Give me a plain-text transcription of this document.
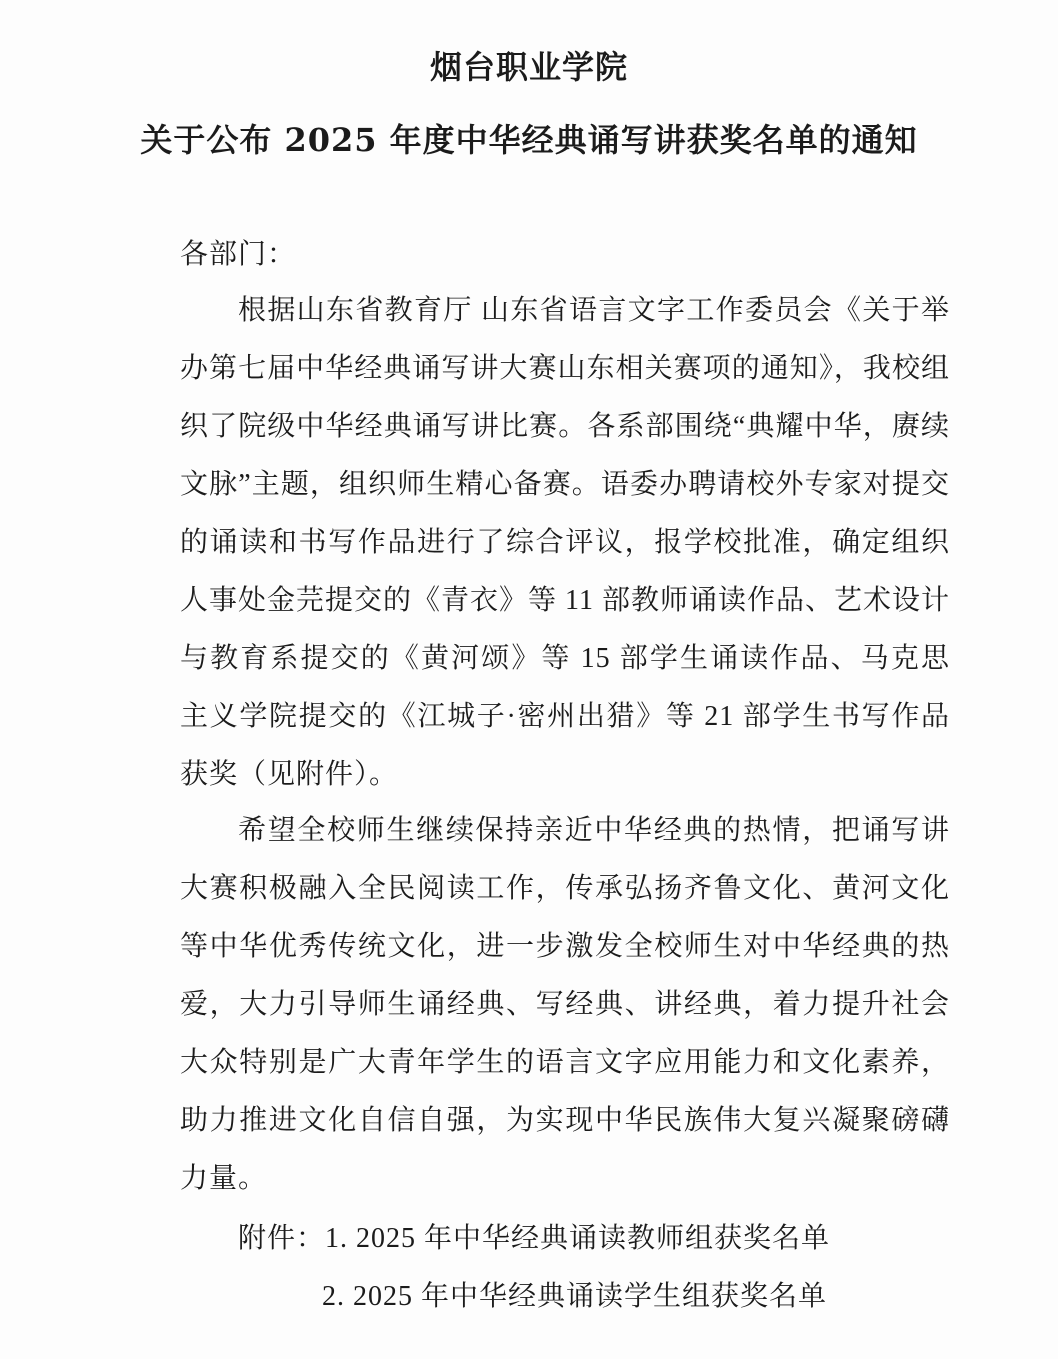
烟台职业学院
关于公布 2025 年度中华经典诵写讲获奖名单的通知
各部门：
根据山东省教育厅 山东省语言文字工作委员会《关于举办第七届中华经典诵写讲大赛山东相关赛项的通知》，我校组织了院级中华经典诵写讲比赛。各系部围绕“典耀中华，赓续文脉”主题，组织师生精心备赛。语委办聘请校外专家对提交的诵读和书写作品进行了综合评议，报学校批准，确定组织人事处金芫提交的《青衣》等 11 部教师诵读作品、艺术设计与教育系提交的《黄河颂》等 15 部学生诵读作品、马克思主义学院提交的《江城子·密州出猎》等 21 部学生书写作品获奖（见附件）。
希望全校师生继续保持亲近中华经典的热情，把诵写讲大赛积极融入全民阅读工作，传承弘扬齐鲁文化、黄河文化等中华优秀传统文化，进一步激发全校师生对中华经典的热爱，大力引导师生诵经典、写经典、讲经典，着力提升社会大众特别是广大青年学生的语言文字应用能力和文化素养，助力推进文化自信自强，为实现中华民族伟大复兴凝聚磅礴力量。
附件：1. 2025 年中华经典诵读教师组获奖名单
2. 2025 年中华经典诵读学生组获奖名单
